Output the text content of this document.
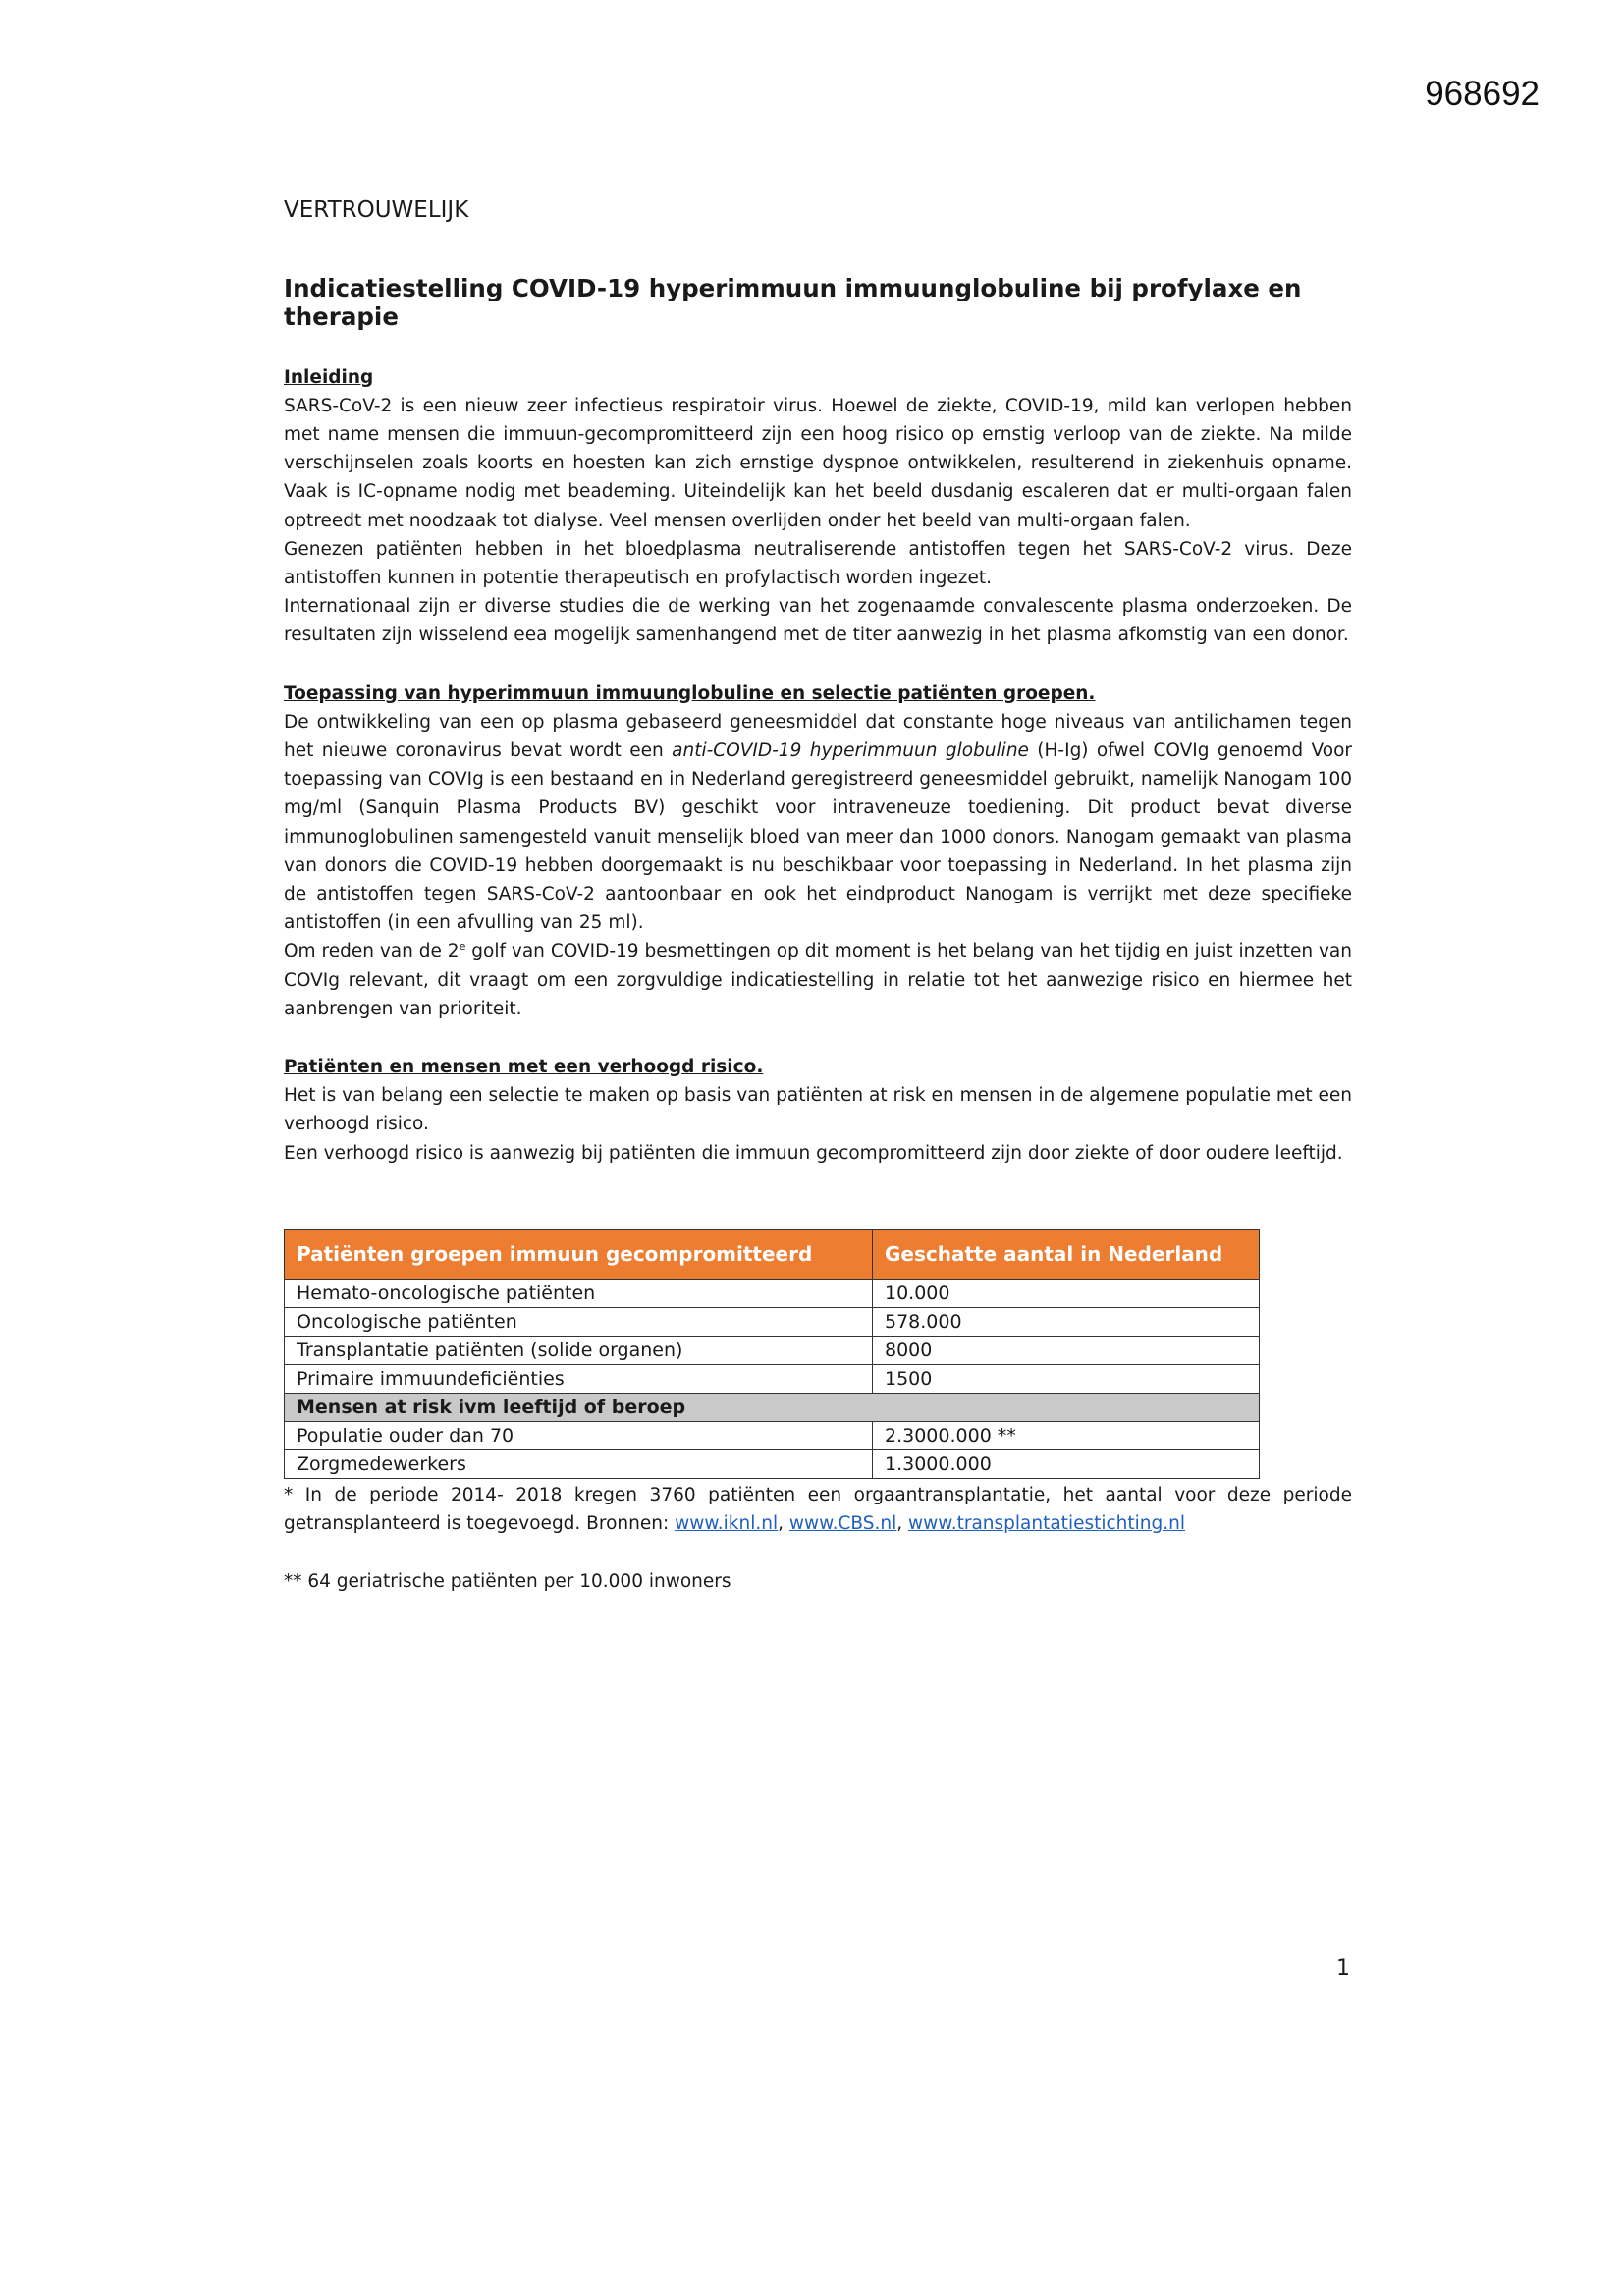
968692
VERTROUWELIJK
Indicatiestelling COVID-19 hyperimmuun immuunglobuline bij profylaxe en therapie
Inleiding

SARS-CoV-2 is een nieuw zeer infectieus respiratoir virus. Hoewel de ziekte, COVID-19, mild kan verlopen hebben met name mensen die immuun-gecompromitteerd zijn een hoog risico op ernstig verloop van de ziekte. Na milde verschijnselen zoals koorts en hoesten kan zich ernstige dyspnoe ontwikkelen, resulterend in ziekenhuis opname. Vaak is IC-opname nodig met beademing. Uiteindelijk kan het beeld dusdanig escaleren dat er multi-orgaan falen optreedt met noodzaak tot dialyse. Veel mensen overlijden onder het beeld van multi-orgaan falen.

Genezen patiënten hebben in het bloedplasma neutraliserende antistoffen tegen het SARS-CoV-2 virus. Deze antistoffen kunnen in potentie therapeutisch en profylactisch worden ingezet.

Internationaal zijn er diverse studies die de werking van het zogenaamde convalescente plasma onderzoeken. De resultaten zijn wisselend eea mogelijk samenhangend met de titer aanwezig in het plasma afkomstig van een donor.

Toepassing van hyperimmuun immuunglobuline en selectie patiënten groepen.

De ontwikkeling van een op plasma gebaseerd geneesmiddel dat constante hoge niveaus van antilichamen tegen het nieuwe coronavirus bevat wordt een anti-COVID-19 hyperimmuun globuline (H-Ig) ofwel COVIg genoemd Voor toepassing van COVIg is een bestaand en in Nederland geregistreerd geneesmiddel gebruikt, namelijk Nanogam 100 mg/ml (Sanquin Plasma Products BV) geschikt voor intraveneuze toediening. Dit product bevat diverse immunoglobulinen samengesteld vanuit menselijk bloed van meer dan 1000 donors. Nanogam gemaakt van plasma van donors die COVID-19 hebben doorgemaakt is nu beschikbaar voor toepassing in Nederland. In het plasma zijn de antistoffen tegen SARS-CoV-2 aantoonbaar en ook het eindproduct Nanogam is verrijkt met deze specifieke antistoffen (in een afvulling van 25 ml).

Om reden van de 2e golf van COVID-19 besmettingen op dit moment is het belang van het tijdig en juist inzetten van COVIg relevant, dit vraagt om een zorgvuldige indicatiestelling in relatie tot het aanwezige risico en hiermee het aanbrengen van prioriteit.

Patiënten en mensen met een verhoogd risico.

Het is van belang een selectie te maken op basis van patiënten at risk en mensen in de algemene populatie met een verhoogd risico.

Een verhoogd risico is aanwezig bij patiënten die immuun gecompromitteerd zijn door ziekte of door oudere leeftijd.

Patiënten groepen immuun gecompromitteerd	Geschatte aantal in Nederland
Hemato-oncologische patiënten	10.000
Oncologische patiënten	578.000
Transplantatie patiënten (solide organen)	8000
Primaire immuundeficiënties	1500
Mensen at risk ivm leeftijd of beroep	
Populatie ouder dan 70	2.3000.000 **
Zorgmedewerkers	1.3000.000

* In de periode 2014- 2018 kregen 3760 patiënten een orgaantransplantatie, het aantal voor deze periode getransplanteerd is toegevoegd. Bronnen: www.iknl.nl, www.CBS.nl, www.transplantatiestichting.nl

** 64 geriatrische patiënten per 10.000 inwoners

1
